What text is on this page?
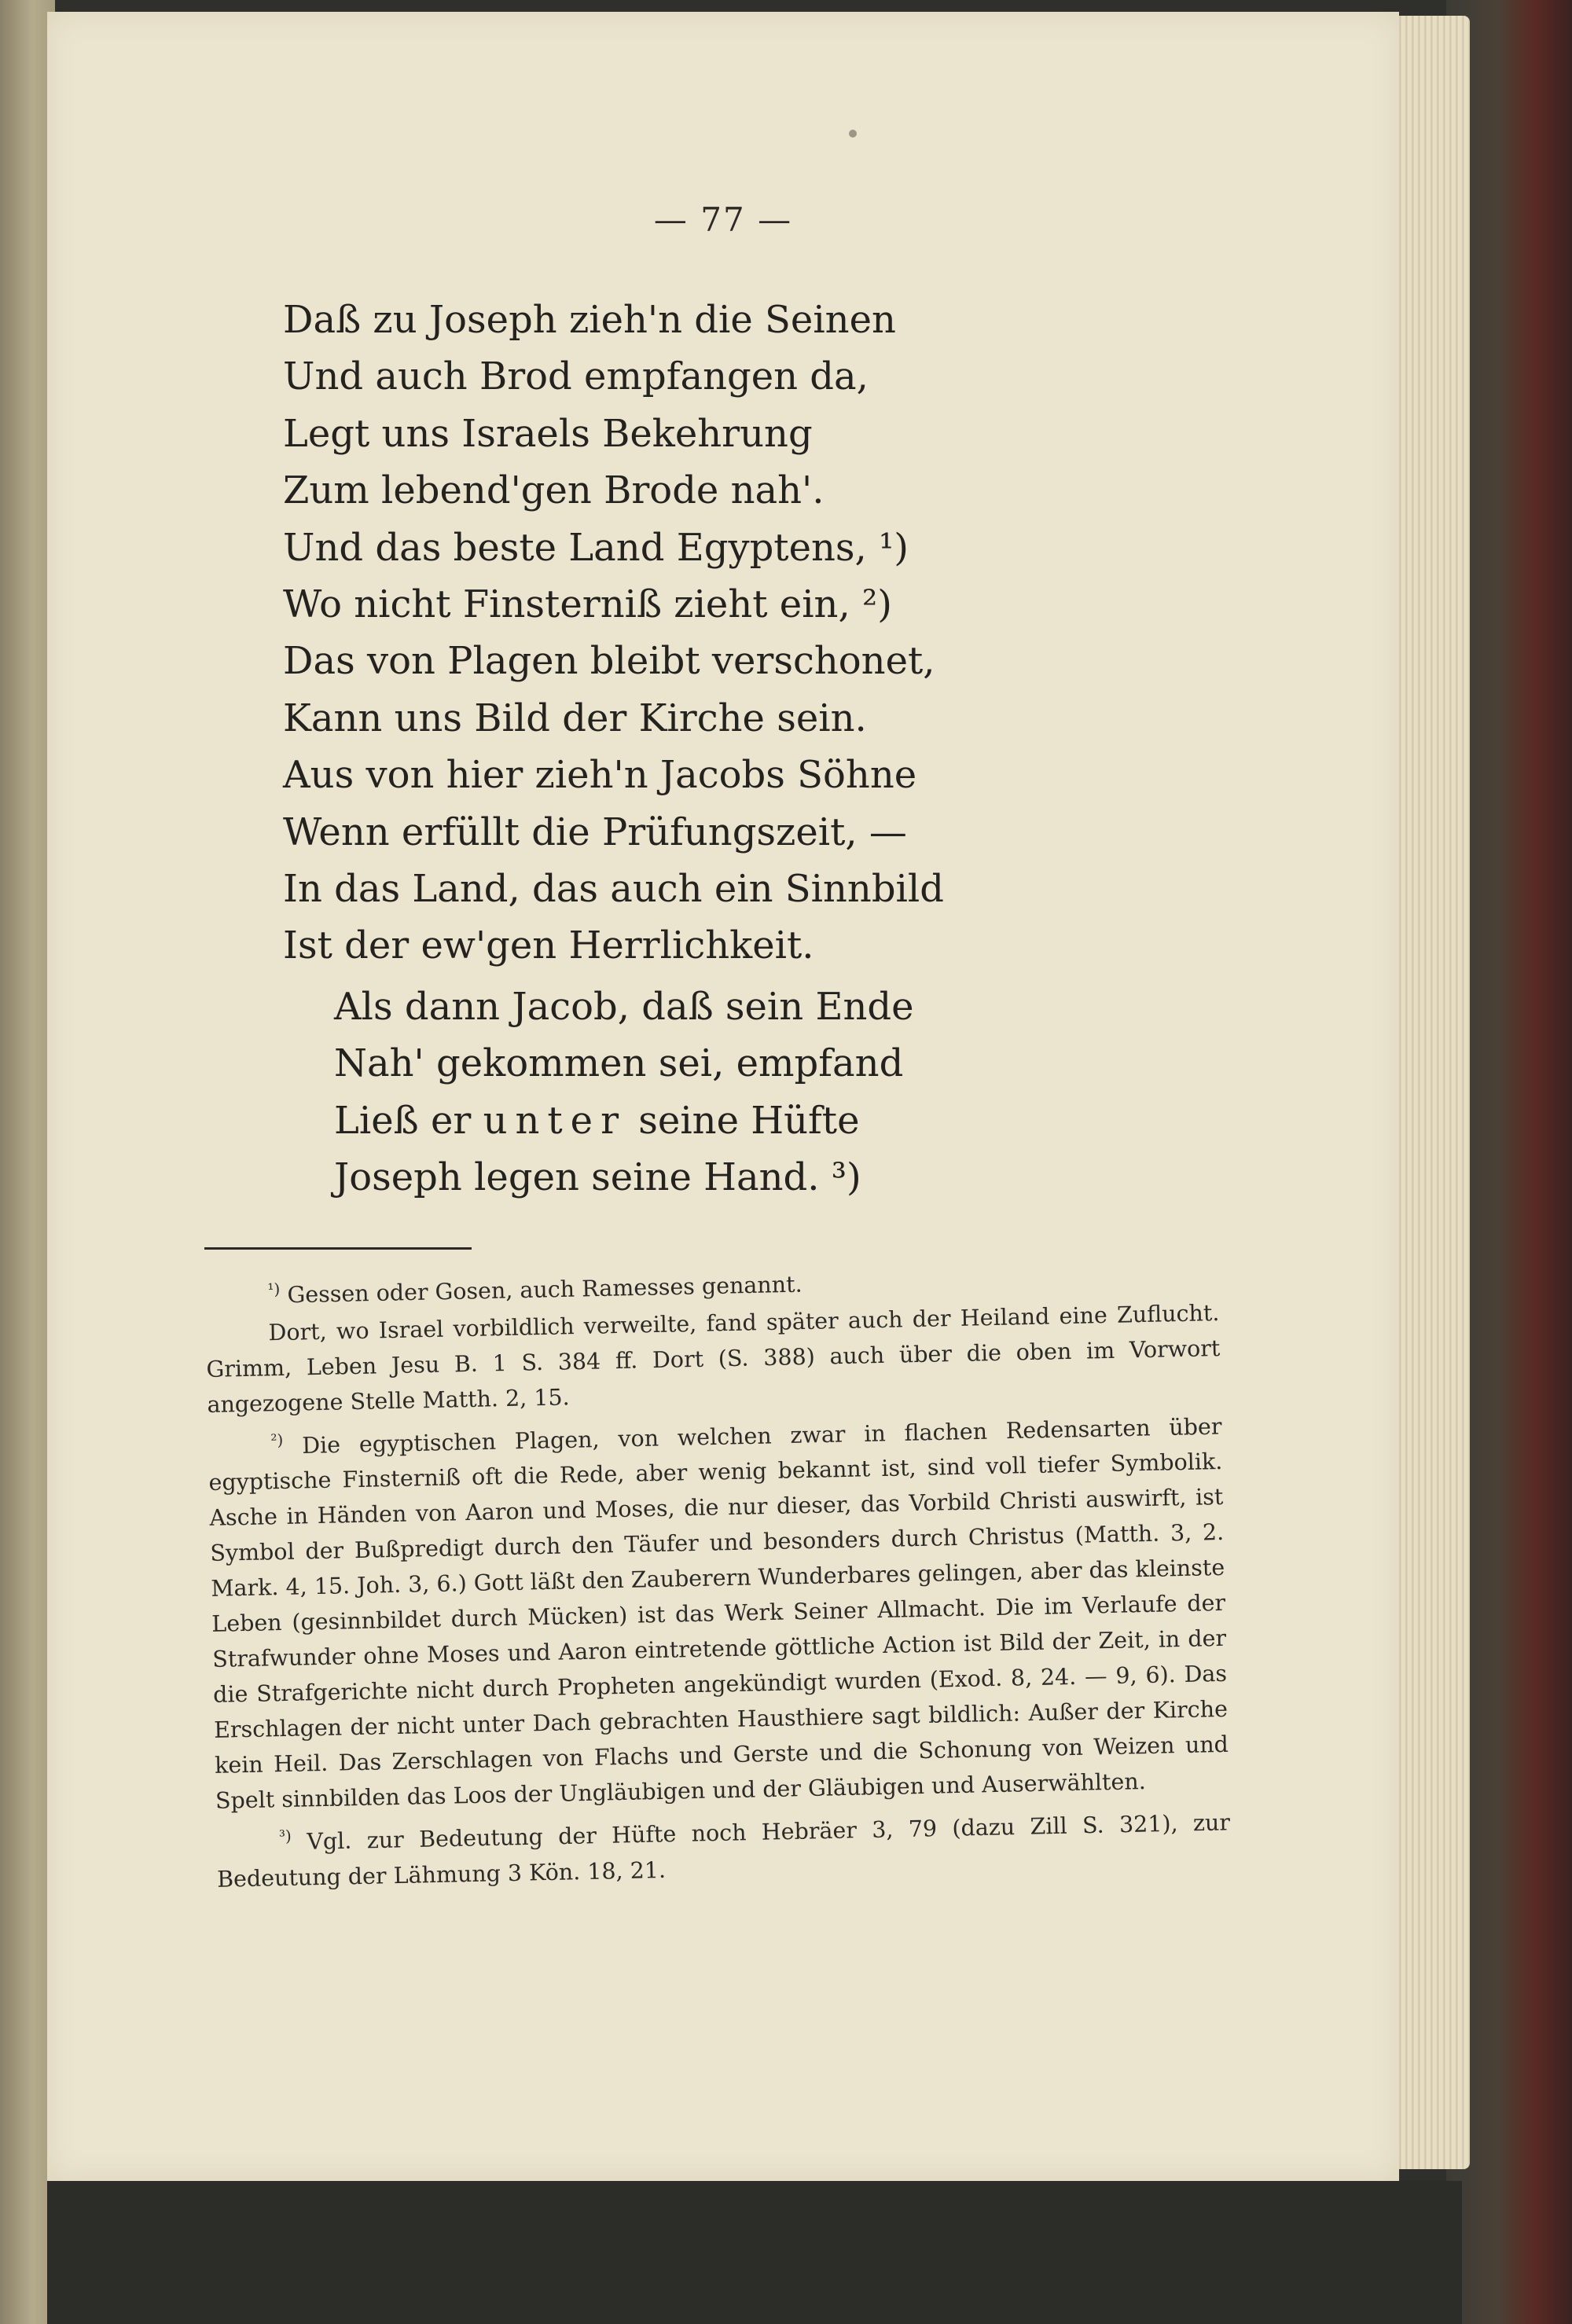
— 77 —
Daß zu Joseph zieh'n die Seinen
Und auch Brod empfangen da,
Legt uns Israels Bekehrung
Zum lebend'gen Brode nah'.
Und das beste Land Egyptens, ¹)
Wo nicht Finsterniß zieht ein, ²)
Das von Plagen bleibt verschonet,
Kann uns Bild der Kirche sein.
Aus von hier zieh'n Jacobs Söhne
Wenn erfüllt die Prüfungszeit, —
In das Land, das auch ein Sinnbild
Ist der ew'gen Herrlichkeit.
Als dann Jacob, daß sein Ende
Nah' gekommen sei, empfand
Ließ er unter seine Hüfte
Joseph legen seine Hand. ³)

$^{^1)}$ Gessen oder Gosen, auch Ramesses genannt.

Dort, wo Israel vorbildlich verweilte, fand später auch der Heiland eine Zuflucht. Grimm, Leben Jesu B. 1 S. 384 ff. Dort (S. 388) auch über die oben im Vorwort angezogene Stelle Matth. 2, 15.

$^{^2)}$ Die egyptischen Plagen, von welchen zwar in flachen Redensarten über egyptische Finsterniß oft die Rede, aber wenig bekannt ist, sind voll tiefer Symbolik. Asche in Händen von Aaron und Moses, die nur dieser, das Vorbild Christi auswirft, ist Symbol der Bußpredigt durch den Täufer und besonders durch Christus (Matth. 3, 2. Mark. 4, 15. Joh. 3, 6.) Gott läßt den Zauberern Wunderbares gelingen, aber das kleinste Leben (gesinnbildet durch Mücken) ist das Werk Seiner Allmacht. Die im Verlaufe der Strafwunder ohne Moses und Aaron eintretende göttliche Action ist Bild der Zeit, in der die Strafgerichte nicht durch Propheten angekündigt wurden (Exod. 8, 24. — 9, 6). Das Erschlagen der nicht unter Dach gebrachten Hausthiere sagt bildlich: Außer der Kirche kein Heil. Das Zerschlagen von Flachs und Gerste und die Schonung von Weizen und Spelt sinnbilden das Loos der Ungläubigen und der Gläubigen und Auserwählten.

$^{^3)}$ Vgl. zur Bedeutung der Hüfte noch Hebräer 3, 79 (dazu Zill S. 321), zur Bedeutung der Lähmung 3 Kön. 18, 21.
